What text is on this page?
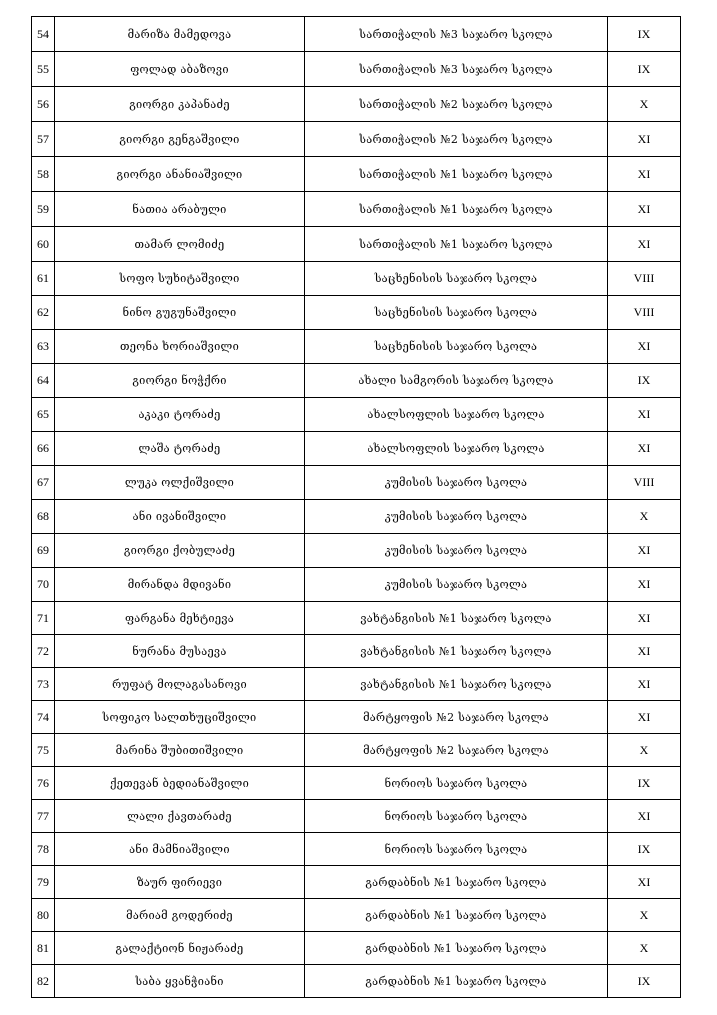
54	მარიზა მამედოვა	სართიჭალის №3 საჯარო სკოლა	IX
55	ფოლად აბაზოვი	სართიჭალის №3 საჯარო სკოლა	IX
56	გიორგი კაპანაძე	სართიჭალის №2 საჯარო სკოლა	X
57	გიორგი გენგაშვილი	სართიჭალის №2 საჯარო სკოლა	XI
58	გიორგი ანანიაშვილი	სართიჭალის №1 საჯარო სკოლა	XI
59	ნათია არაბული	სართიჭალის №1 საჯარო სკოლა	XI
60	თამარ ლომიძე	სართიჭალის №1 საჯარო სკოლა	XI
61	სოფო სუხიტაშვილი	საცხენისის საჯარო სკოლა	VIII
62	ნინო გუგუნაშვილი	საცხენისის საჯარო სკოლა	VIII
63	თეონა ხორიაშვილი	საცხენისის საჯარო სკოლა	XI
64	გიორგი ნოჭქრი	ახალი სამგორის საჯარო სკოლა	IX
65	აკაკი ტორაძე	ახალსოფლის საჯარო სკოლა	XI
66	ლაშა ტორაძე	ახალსოფლის საჯარო სკოლა	XI
67	ლუკა ოლქიშვილი	კუმისის საჯარო სკოლა	VIII
68	ანი ივანიშვილი	კუმისის საჯარო სკოლა	X
69	გიორგი ქობულაძე	კუმისის საჯარო სკოლა	XI
70	მირანდა მდივანი	კუმისის საჯარო სკოლა	XI
71	ფარგანა მეხტიევა	ვახტანგისის №1 საჯარო სკოლა	XI
72	ნურანა მუსაევა	ვახტანგისის №1 საჯარო სკოლა	XI
73	რუფატ მოლაგასანოვი	ვახტანგისის №1 საჯარო სკოლა	XI
74	სოფიკო სალთხუციშვილი	მარტყოფის №2 საჯარო სკოლა	XI
75	მარინა შუბითიშვილი	მარტყოფის №2 საჯარო სკოლა	X
76	ქეთევან ბედიანაშვილი	ნორიოს საჯარო სკოლა	IX
77	ლალი ქავთარაძე	ნორიოს საჯარო სკოლა	XI
78	ანი მამნიაშვილი	ნორიოს საჯარო სკოლა	IX
79	ზაურ ფირიევი	გარდაბნის №1 საჯარო სკოლა	XI
80	მარიამ გოდერიძე	გარდაბნის №1 საჯარო სკოლა	X
81	გალაქტიონ ნიჟარაძე	გარდაბნის №1 საჯარო სკოლა	X
82	საბა ყვანჭიანი	გარდაბნის №1 საჯარო სკოლა	IX
